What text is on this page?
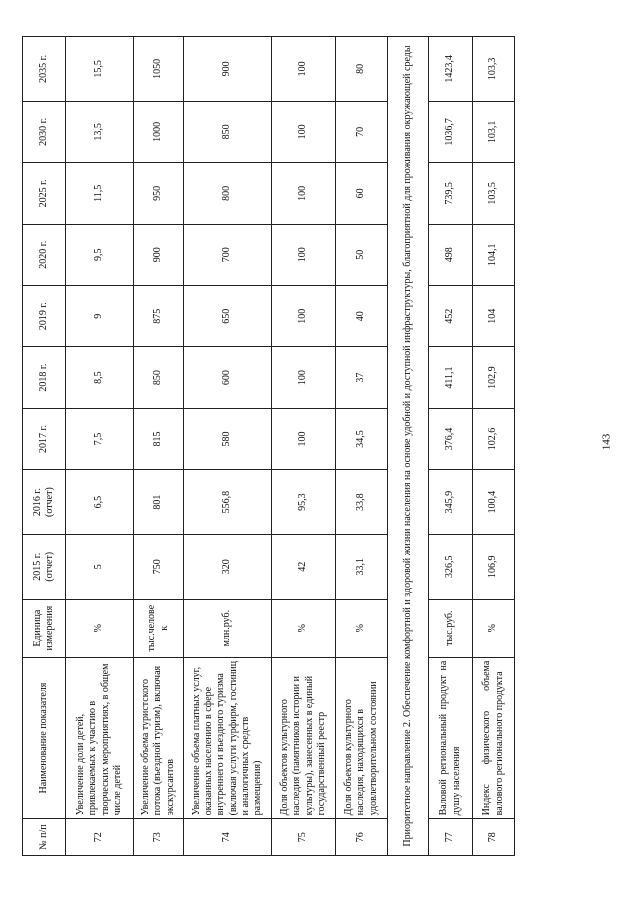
№ п/п	Наименование показателя	Единица измерения	2015 г. (отчет)	2016 г. (отчет)	2017 г.	2018 г.	2019 г.	2020 г.	2025 г.	2030 г.	2035 г.
72	Увеличение доли детей, привлекаемых к участию в творческих мероприятиях, в общем числе детей	%	5	6,5	7,5	8,5	9	9,5	11,5	13,5	15,5
73	Увеличение объема туристского потока (въездной туризм), включая экскурсантов	тыс.челове к	750	801	815	850	875	900	950	1000	1050
74	Увеличение объема платных услуг, оказанных населению в сфере внутреннего и въездного туризма (включая услуги турфирм, гостиниц и аналогичных средств размещения)	млн.руб.	320	556,8	580	600	650	700	800	850	900
75	Доля объектов культурного наследия (памятников истории и культуры), занесенных в единый государственный реестр	%	42	95,3	100	100	100	100	100	100	100
76	Доля объектов культурного наследия, находящихся в удовлетворительном состоянии	%	33,1	33,8	34,5	37	40	50	60	70	80
Приоритетное направление 2. Обеспечение комфортной и здоровой жизни населения на основе удобной и доступной инфраструктуры, благоприятной для проживания окружающей среды											
77	Валовой региональный продукт на душу населения	тыс.руб.	326,5	345,9	376,4	411,1	452	498	739,5	1036,7	1423,4
78	Индекс физического объема валового регионального продукта	%	106,9	100,4	102,6	102,9	104	104,1	103,5	103,1	103,3
143
